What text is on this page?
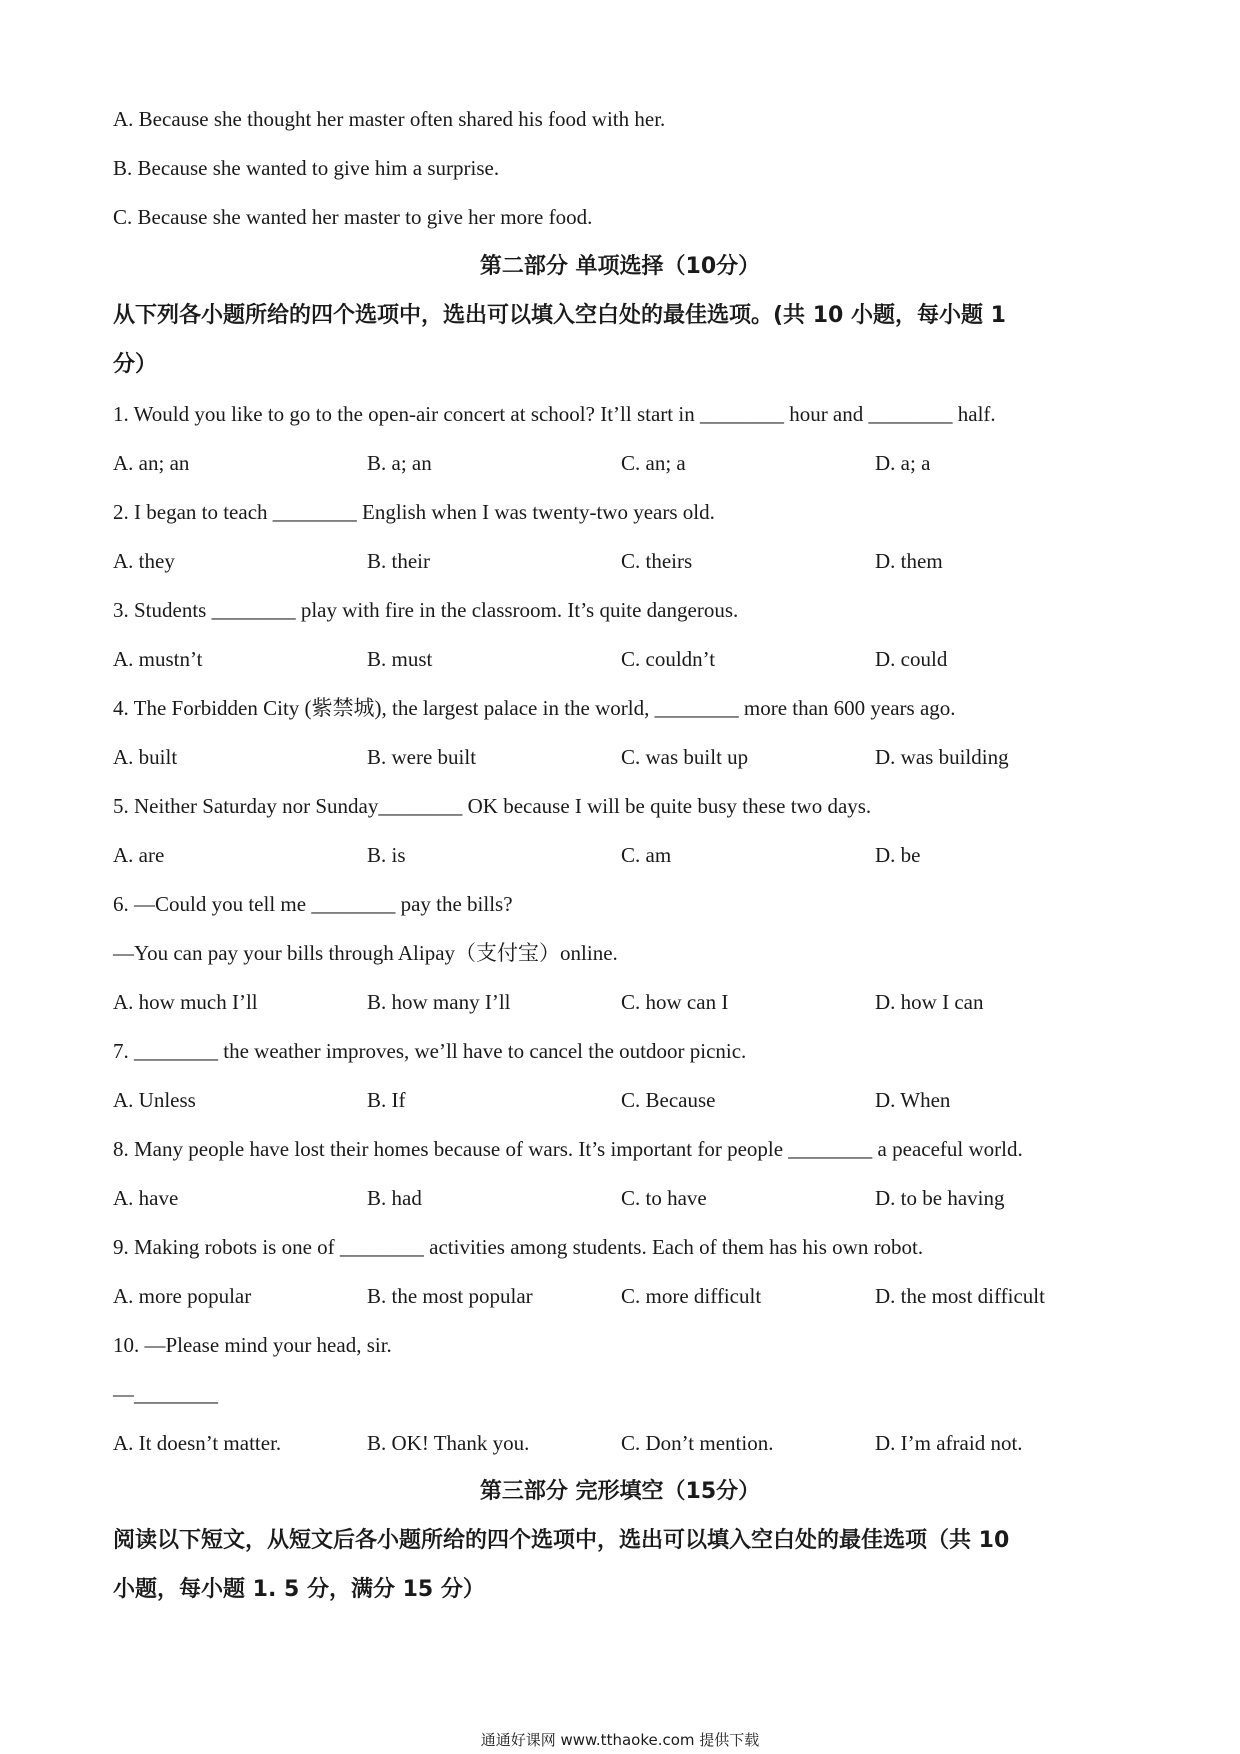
A. Because she thought her master often shared his food with her.
B. Because she wanted to give him a surprise.
C. Because she wanted her master to give her more food.
第二部分 单项选择（10分）
从下列各小题所给的四个选项中，选出可以填入空白处的最佳选项。(共 10 小题，每小题 1
分）
1. Would you like to go to the open-air concert at school? It’ll start in ________ hour and ________ half.
A. an; an	B. a; an	C. an; a	D. a; a
2. I began to teach ________ English when I was twenty-two years old.
A. they	B. their	C. theirs	D. them
3. Students ________ play with fire in the classroom. It’s quite dangerous.
A. mustn’t	B. must	C. couldn’t	D. could
4. The Forbidden City (紫禁城), the largest palace in the world, ________ more than 600 years ago.
A. built	B. were built	C. was built up	D. was building
5. Neither Saturday nor Sunday________ OK because I will be quite busy these two days.
A. are	B. is	C. am	D. be
6. —Could you tell me ________ pay the bills?
—You can pay your bills through Alipay（支付宝）online.
A. how much I’ll	B. how many I’ll	C. how can I	D. how I can
7. ________ the weather improves, we’ll have to cancel the outdoor picnic.
A. Unless	B. If	C. Because	D. When
8. Many people have lost their homes because of wars. It’s important for people ________ a peaceful world.
A. have	B. had	C. to have	D. to be having
9. Making robots is one of ________ activities among students. Each of them has his own robot.
A. more popular	B. the most popular	C. more difficult	D. the most difficult
10. —Please mind your head, sir.
—________
A. It doesn’t matter.	B. OK! Thank you.	C. Don’t mention.	D. I’m afraid not.
第三部分 完形填空（15分）
阅读以下短文，从短文后各小题所给的四个选项中，选出可以填入空白处的最佳选项（共 10
小题，每小题 1. 5 分，满分 15 分）
通通好课网 www.tthaoke.com 提供下载
